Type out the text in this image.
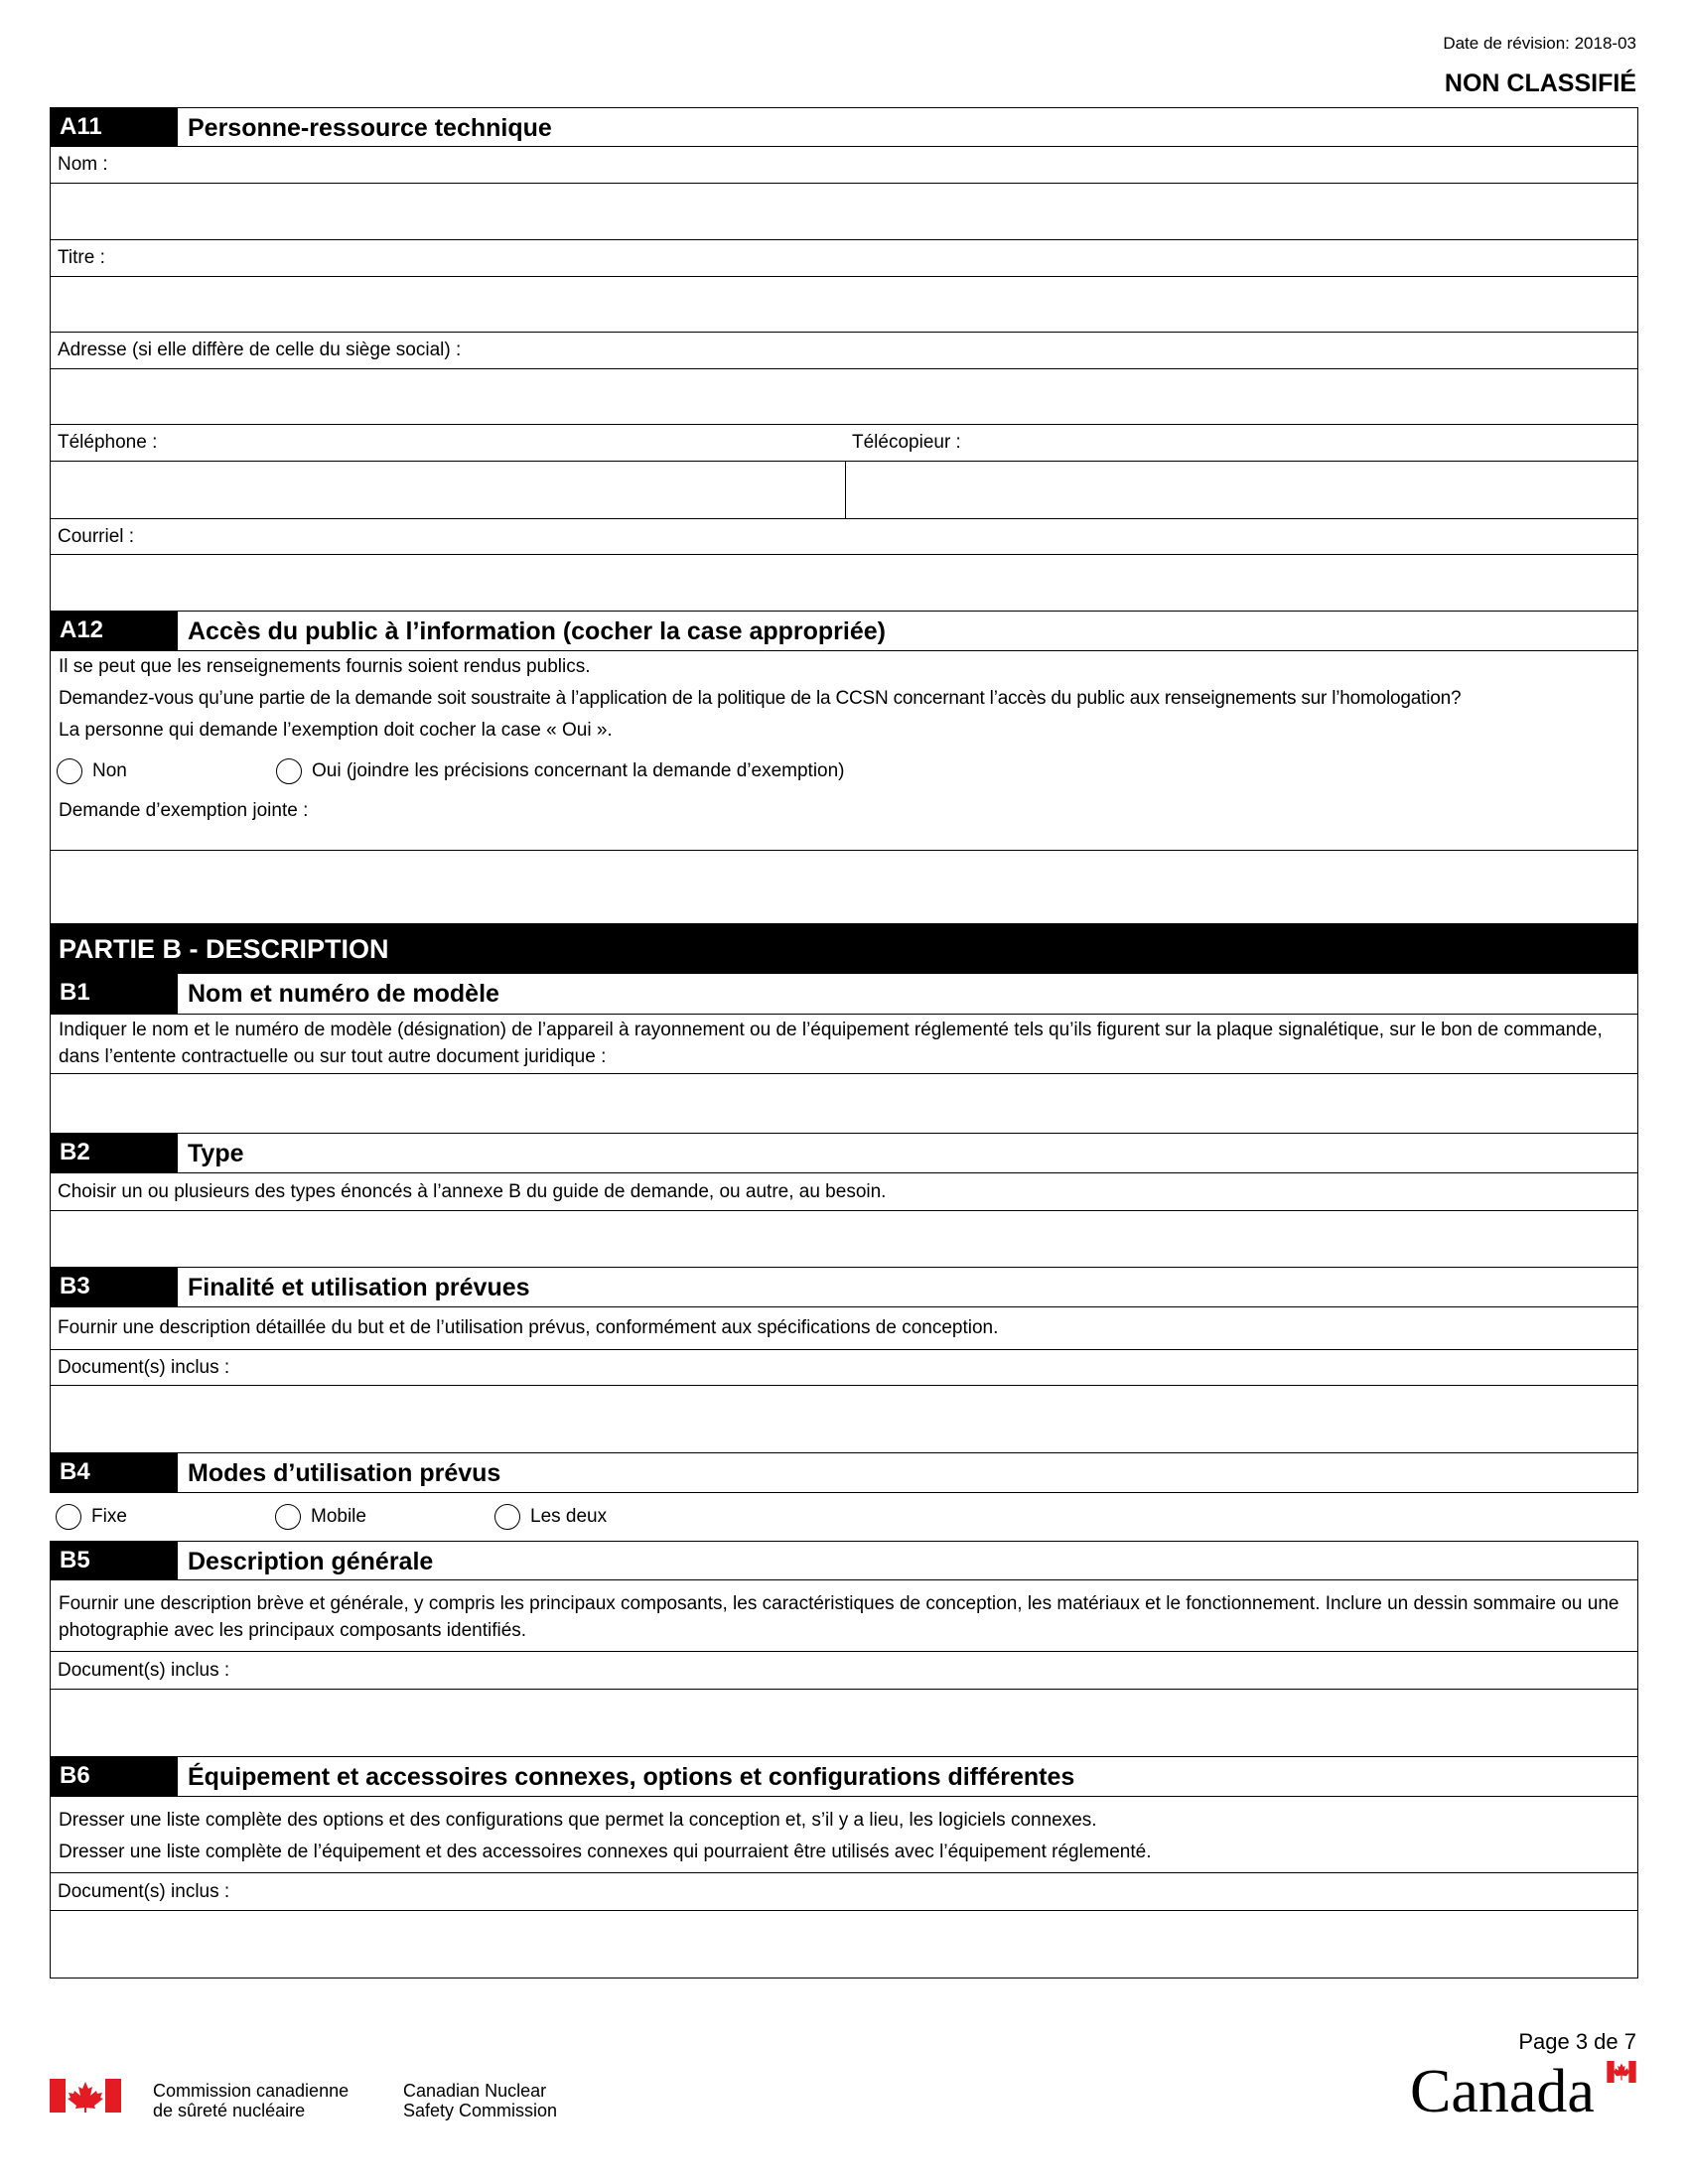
Date de révision: 2018-03
NON CLASSIFIÉ
A11	Personne-ressource technique
Nom :
Titre :
Adresse (si elle diffère de celle du siège social) :
Téléphone :	Télécopieur :
Courriel :
A12	Accès du public à l’information (cocher la case appropriée)

Il se peut que les renseignements fournis soient rendus publics.

Demandez-vous qu’une partie de la demande soit soustraite à l’application de la politique de la CCSN concernant l’accès du public aux renseignements sur l’homologation?

La personne qui demande l’exemption doit cocher la case « Oui ».

Non	Oui (joindre les précisions concernant la demande d’exemption)
Demande d’exemption jointe :
PARTIE B - DESCRIPTION
B1	Nom et numéro de modèle
Indiquer le nom et le numéro de modèle (désignation) de l’appareil à rayonnement ou de l’équipement réglementé tels qu’ils figurent sur la plaque signalétique, sur le bon de commande, dans l’entente contractuelle ou sur tout autre document juridique :
B2	Type
Choisir un ou plusieurs des types énoncés à l’annexe B du guide de demande, ou autre, au besoin.
B3	Finalité et utilisation prévues
Fournir une description détaillée du but et de l’utilisation prévus, conformément aux spécifications de conception.
Document(s) inclus :
B4	Modes d’utilisation prévus
Fixe	Mobile	Les deux
B5	Description générale
Fournir une description brève et générale, y compris les principaux composants, les caractéristiques de conception, les matériaux et le fonctionnement. Inclure un dessin sommaire ou une photographie avec les principaux composants identifiés.
Document(s) inclus :
B6	Équipement et accessoires connexes, options et configurations différentes

Dresser une liste complète des options et des configurations que permet la conception et, s’il y a lieu, les logiciels connexes.

Dresser une liste complète de l’équipement et des accessoires connexes qui pourraient être utilisés avec l’équipement réglementé.

Document(s) inclus :
Page 3 de 7
Commission canadienne
de sûreté nucléaire
Canadian Nuclear
Safety Commission	Canada
